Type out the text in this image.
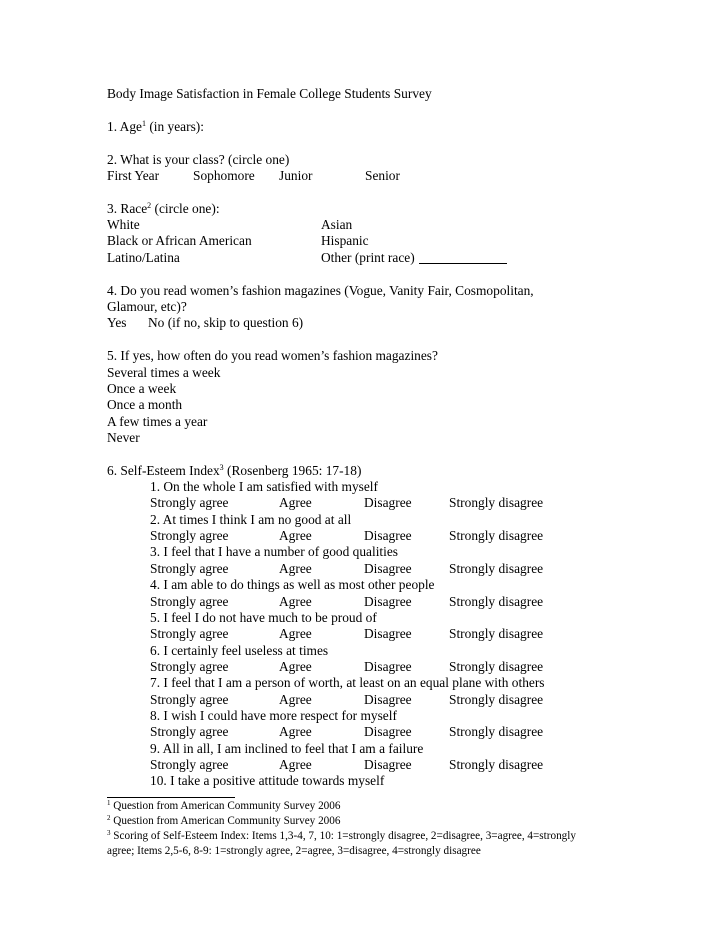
Body Image Satisfaction in Female College Students Survey
1. Age$^1$ (in years):
2. What is your class? (circle one)
First Year	Sophomore Junior	Senior
3. Race$^2$ (circle one):
White	Asian
Black or African American	Hispanic
Latino/Latina	Other (print race)
4. Do you read women’s fashion magazines (Vogue, Vanity Fair, Cosmopolitan,
Glamour, etc)?
Yes No (if no, skip to question 6)
5. If yes, how often do you read women’s fashion magazines?
Several times a week
Once a week
Once a month
A few times a year
Never
6. Self-Esteem Index$^3$ (Rosenberg 1965: 17-18)
1. On the whole I am satisfied with myself
Strongly agree	Agree	Disagree	Strongly disagree
2. At times I think I am no good at all
Strongly agree	Agree	Disagree	Strongly disagree
3. I feel that I have a number of good qualities
Strongly agree	Agree	Disagree	Strongly disagree
4. I am able to do things as well as most other people
Strongly agree	Agree	Disagree	Strongly disagree
5. I feel I do not have much to be proud of
Strongly agree	Agree	Disagree	Strongly disagree
6. I certainly feel useless at times
Strongly agree	Agree	Disagree	Strongly disagree
7. I feel that I am a person of worth, at least on an equal plane with others
Strongly agree	Agree	Disagree	Strongly disagree
8. I wish I could have more respect for myself
Strongly agree	Agree	Disagree	Strongly disagree
9. All in all, I am inclined to feel that I am a failure
Strongly agree	Agree	Disagree	Strongly disagree
10. I take a positive attitude towards myself
$^1$ Question from American Community Survey 2006
$^2$ Question from American Community Survey 2006
$^3$ Scoring of Self-Esteem Index: Items 1,3-4, 7, 10: 1=strongly disagree, 2=disagree, 3=agree, 4=strongly
agree; Items 2,5-6, 8-9: 1=strongly agree, 2=agree, 3=disagree, 4=strongly disagree
